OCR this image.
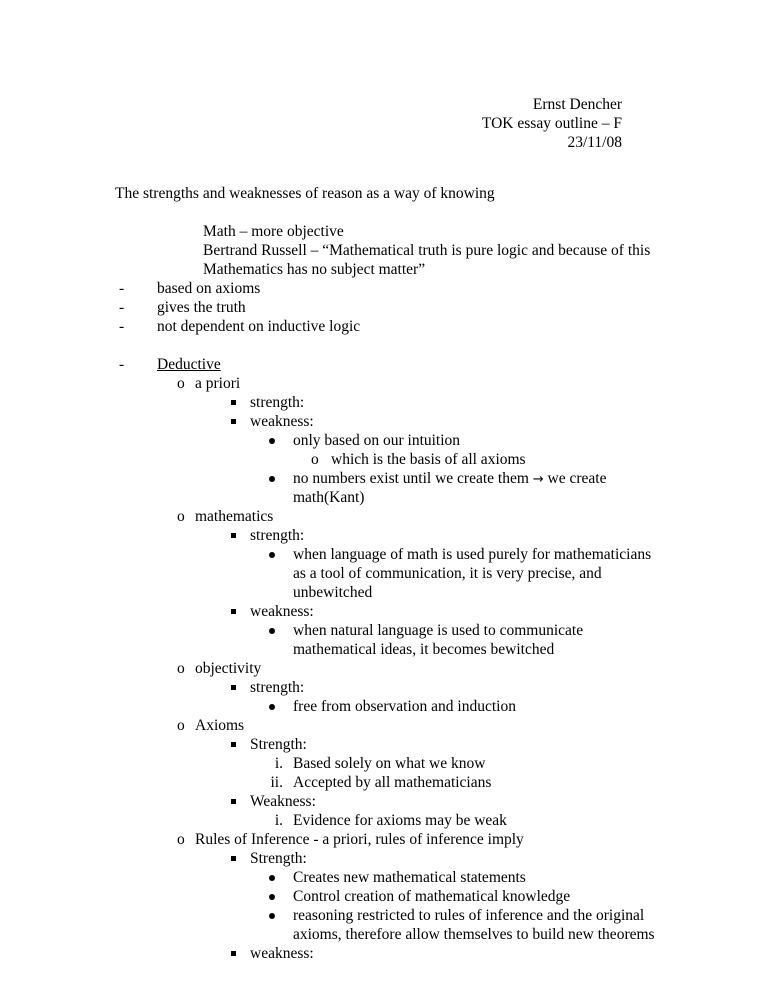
Ernst Dencher
TOK essay outline – F
23/11/08
The strengths and weaknesses of reason as a way of knowing
Math – more objective
Bertrand Russell – “Mathematical truth is pure logic and because of this
Mathematics has no subject matter”
- based on axioms
- gives the truth
- not dependent on inductive logic
- Deductive
o a priori
strength:
weakness:
only based on our intuition
o which is the basis of all axioms
no numbers exist until we create them → we create
math(Kant)
o mathematics
strength:
when language of math is used purely for mathematicians
as a tool of communication, it is very precise, and
unbewitched
weakness:
when natural language is used to communicate
mathematical ideas, it becomes bewitched
o objectivity
strength:
free from observation and induction
o Axioms
Strength:
i. Based solely on what we know
ii. Accepted by all mathematicians
Weakness:
i. Evidence for axioms may be weak
o Rules of Inference - a priori, rules of inference imply
Strength:
Creates new mathematical statements
Control creation of mathematical knowledge
reasoning restricted to rules of inference and the original
axioms, therefore allow themselves to build new theorems
weakness:
